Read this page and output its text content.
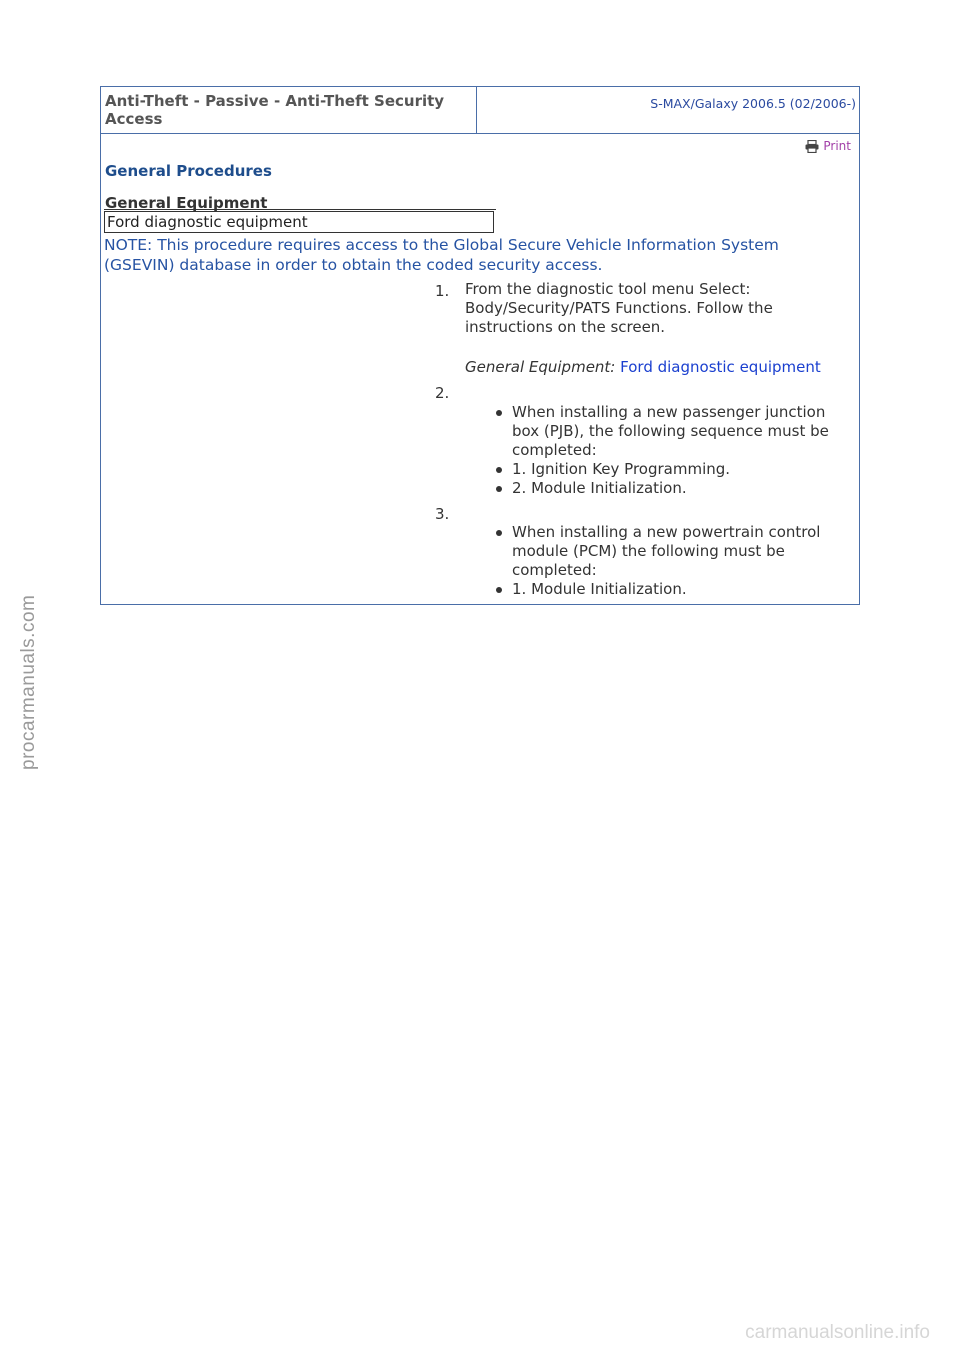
Anti-Theft - Passive - Anti-Theft Security Access
S-MAX/Galaxy 2006.5 (02/2006-)
Print
General Procedures
General Equipment
Ford diagnostic equipment
NOTE: This procedure requires access to the Global Secure Vehicle Information System (GSEVIN) database in order to obtain the coded security access.
1. From the diagnostic tool menu Select: Body/Security/PATS Functions. Follow the instructions on the screen.
General Equipment: Ford diagnostic equipment
2.
When installing a new passenger junction box (PJB), the following sequence must be completed:
1. Ignition Key Programming.
2. Module Initialization.
3.
When installing a new powertrain control module (PCM) the following must be completed:
1. Module Initialization.
procarmanuals.com
carmanualsonline.info
